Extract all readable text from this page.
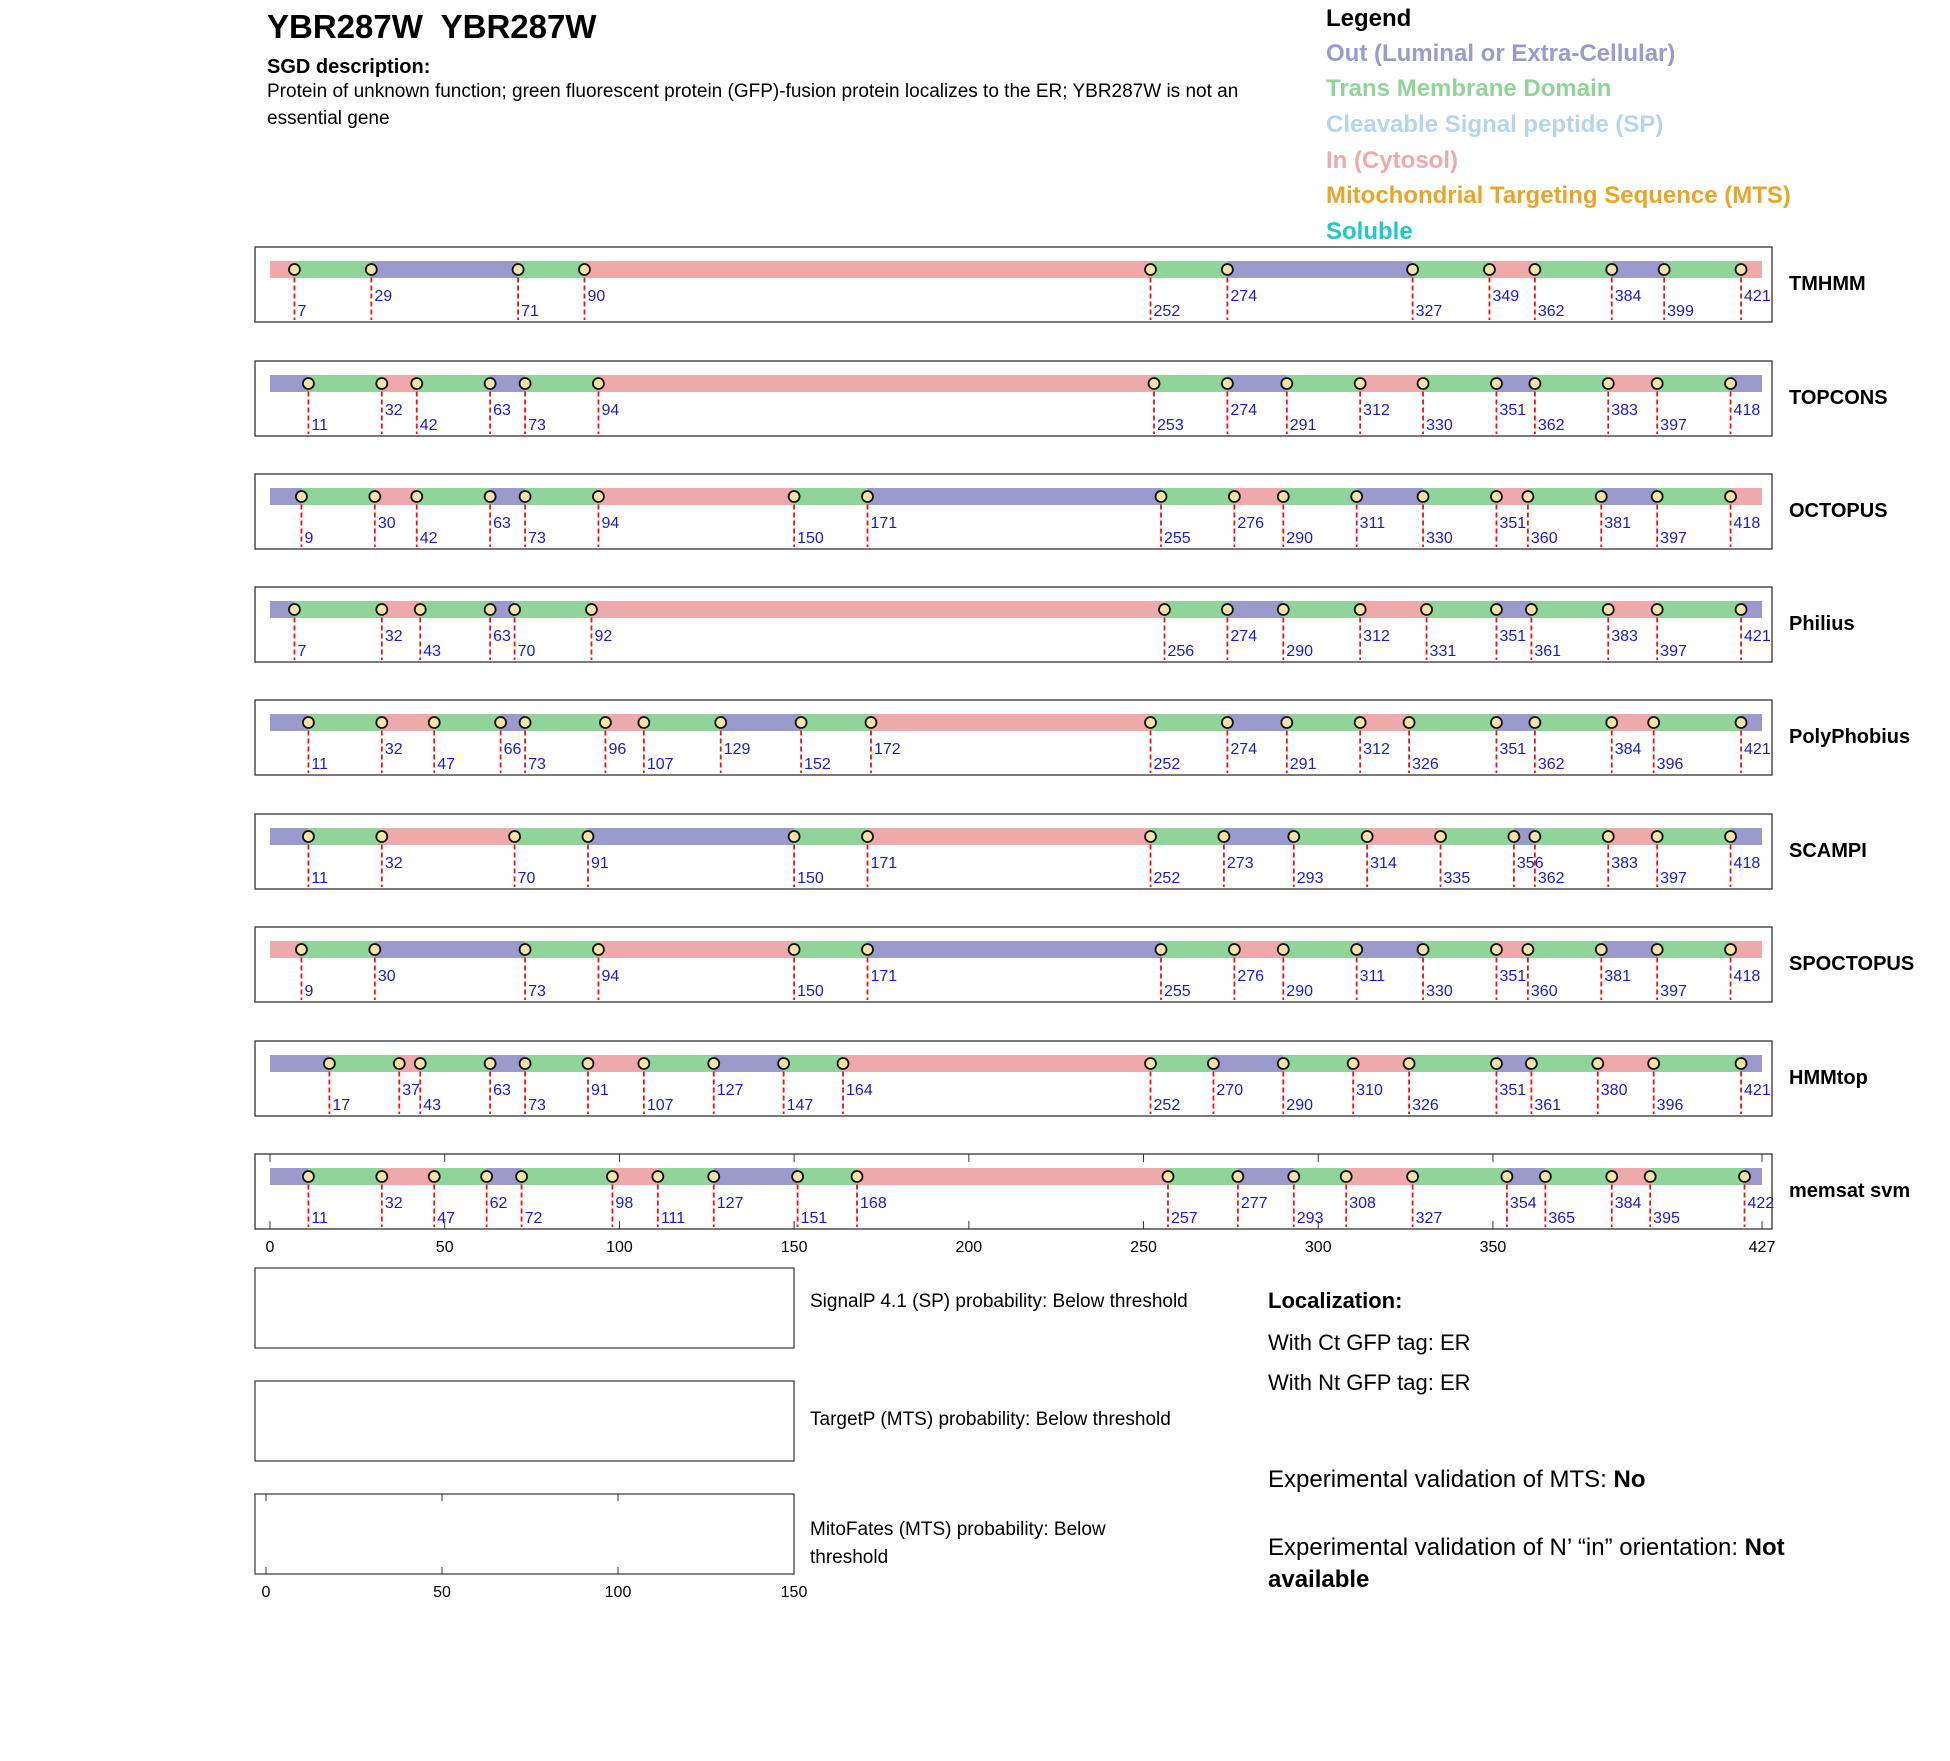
YBR287W  YBR287W
SGD description:
Protein of unknown function; green fluorescent protein (GFP)-fusion protein localizes to the ER; YBR287W is not an essential gene
Legend
Out (Luminal or Extra-Cellular)
Trans Membrane Domain
Cleavable Signal peptide (SP)
In (Cytosol)
Mitochondrial Targeting Sequence (MTS)
Soluble
7
29
71
90
252
274
327
349
362
384
399
421
TMHMM
11
32
42
63
73
94
253
274
291
312
330
351
362
383
397
418
TOPCONS
9
30
42
63
73
94
150
171
255
276
290
311
330
351
360
381
397
418
OCTOPUS
7
32
43
63
70
92
256
274
290
312
331
351
361
383
397
421
Philius
11
32
47
66
73
96
107
129
152
172
252
274
291
312
326
351
362
384
396
421
PolyPhobius
11
32
70
91
150
171
252
273
293
314
335
356
362
383
397
418
SCAMPI
9
30
73
94
150
171
255
276
290
311
330
351
360
381
397
418
SPOCTOPUS
17
37
43
63
73
91
107
127
147
164
252
270
290
310
326
351
361
380
396
421
HMMtop
11
32
47
62
72
98
111
127
151
168
257
277
293
308
327
354
365
384
395
422
memsat svm
0	50	100	150	200	250	300	350	427
0	50	100	150
SignalP 4.1 (SP) probability: Below threshold
TargetP (MTS) probability: Below threshold
MitoFates (MTS) probability: Below threshold
Localization:
With Ct GFP tag: ER
With Nt GFP tag: ER
Experimental validation of MTS: No
Experimental validation of N’ “in” orientation: Not available
